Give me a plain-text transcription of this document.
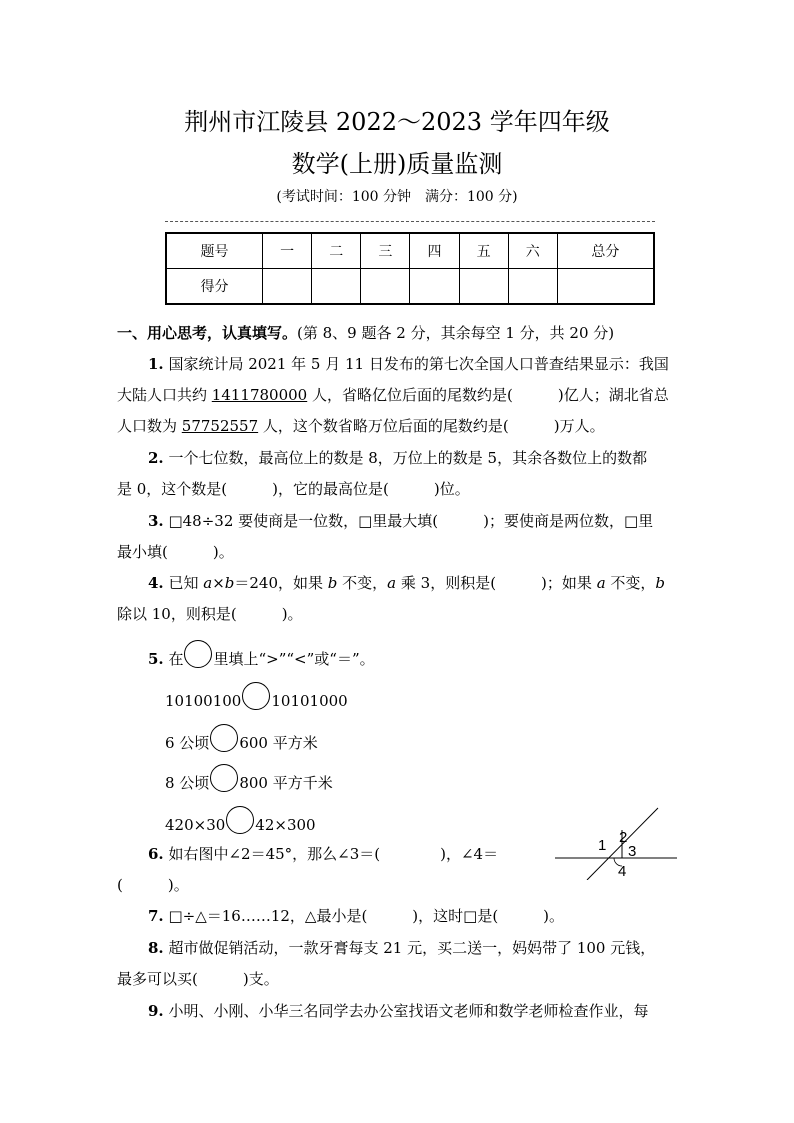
荆州市江陵县 2022～2023 学年四年级
数学(上册)质量监测
(考试时间：100 分钟　满分：100 分)
题号	一	二	三	四	五	六	总分
得分							
一、用心思考，认真填写。(第 8、9 题各 2 分，其余每空 1 分，共 20 分)
1. 国家统计局 2021 年 5 月 11 日发布的第七次全国人口普查结果显示：我国
大陆人口共约 1411780000 人，省略亿位后面的尾数约是(　　　)亿人；湖北省总
人口数为 57752557 人，这个数省略万位后面的尾数约是(　　　)万人。
2. 一个七位数，最高位上的数是 8，万位上的数是 5，其余各数位上的数都
是 0，这个数是(　　　)，它的最高位是(　　　)位。
3. □48÷32 要使商是一位数，□里最大填(　　　)；要使商是两位数，□里
最小填(　　　)。
4. 已知 a×b＝240，如果 b 不变，a 乘 3，则积是(　　　)；如果 a 不变，b
除以 10，则积是(　　　)。
5. 在 里填上“>”“<”或“＝”。
10100100 10101000
6 公顷 600 平方米
8 公顷 800 平方千米
420×30 42×300
6. 如右图中∠2＝45°，那么∠3＝(　　　　)，∠4＝
(　　　)。
1 2
3
4
7. □÷△＝16……12，△最小是(　　　)，这时□是(　　　)。
8. 超市做促销活动，一款牙膏每支 21 元，买二送一，妈妈带了 100 元钱，
最多可以买(　　　)支。
9. 小明、小刚、小华三名同学去办公室找语文老师和数学老师检查作业，每
